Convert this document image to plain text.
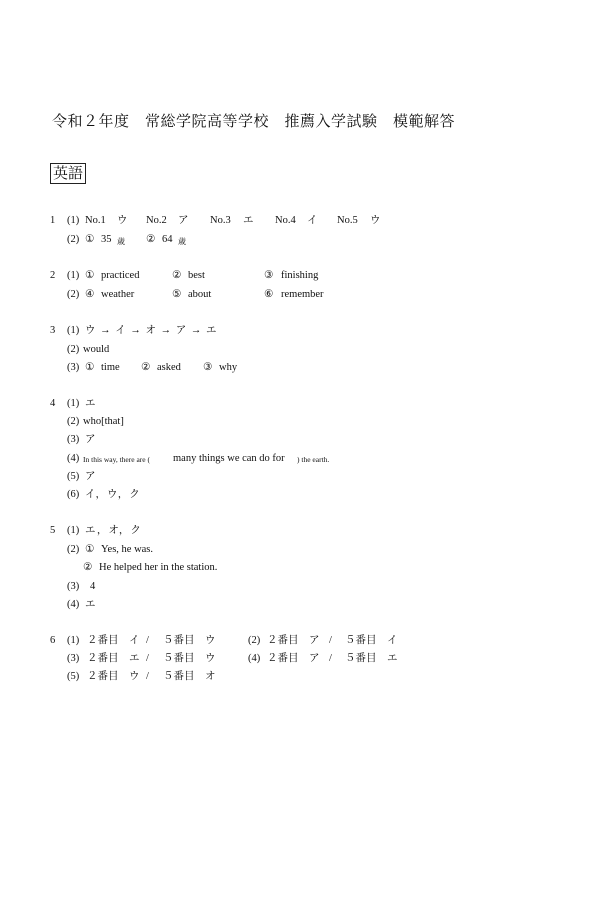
令和２年度　常総学院高等学校　推薦入学試験　模範解答
英語
1 (1) No.1 ウ No.2 ア No.3 エ No.4 イ No.5 ウ
(2) ① 35 歳 ② 64 歳
2 (1) ① practiced	② best	③ finishing
(2) ④ weather	⑤ about	⑥ remember
3 (1) ウ → イ → オ → ア → エ
(2) would
(3) ① time ② asked ③ why
4 (1) エ
(2) who[that]
(3) ア
(4) In this way, there are ( many things we can do for ) the earth.
(5) ア
(6) イ，ウ，ク
5 (1) エ，オ，ク
(2) ① Yes, he was.
② He helped her in the station.
(3) 4
(4) エ
6 (1) ２番目　イ / ５番目　ウ	(2) ２番目　ア / ５番目　イ
(3) ２番目　エ / ５番目　ウ	(4) ２番目　ア / ５番目　エ
(5) ２番目　ウ / ５番目　オ
